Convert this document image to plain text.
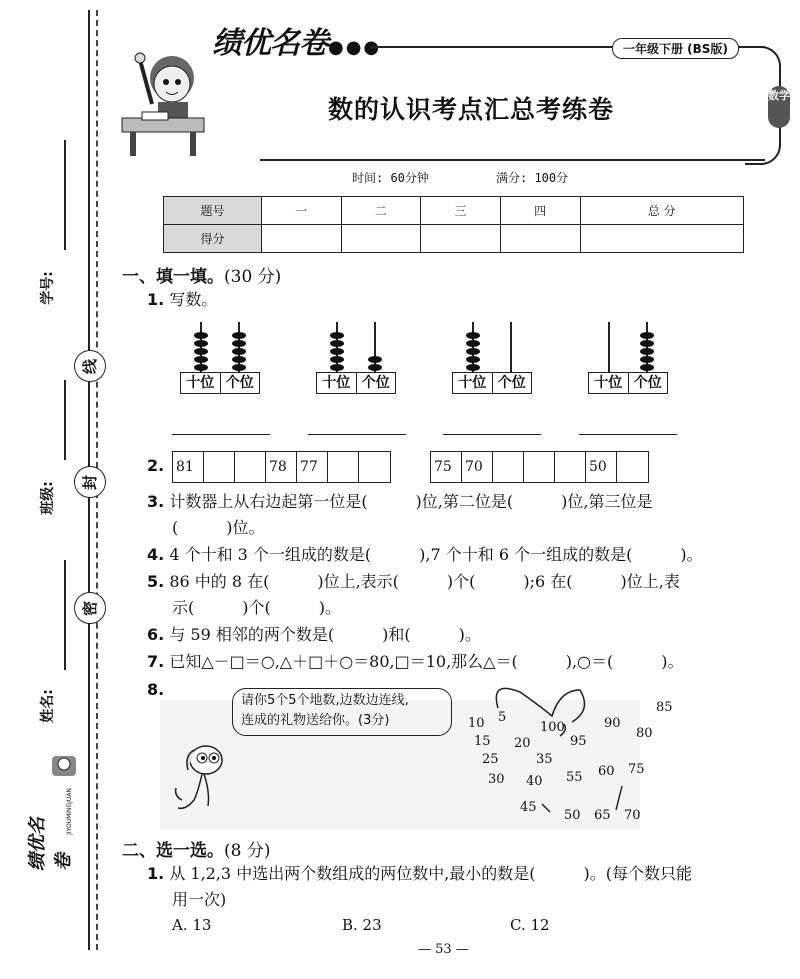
线
封
密
学号:
班级:
姓名:
绩优名卷
JIYOUMINGJUAN
绩优名卷●●●	一年级下册 (BS版)
数学
数的认识考点汇总考练卷
时间: 60分钟	满分: 100分
题号	一	二	三	四	总 分
得分					
一、填一填。(30 分)
1. 写数。
十位 个位	十位 个位	十位 个位	十位 个位
2. 81	78 77	75 70	50
3. 计数器上从右边起第一位是(　　　)位,第二位是(　　　)位,第三位是
(　　　)位。
4. 4 个十和 3 个一组成的数是(　　　),7 个十和 6 个一组成的数是(　　　)。
5. 86 中的 8 在(　　　)位上,表示(　　　)个(　　　);6 在(　　　)位上,表
示(　　　)个(　　　)。
6. 与 59 相邻的两个数是(　　　)和(　　　)。
7. 已知△－□＝○,△＋□＋○＝80,□＝10,那么△＝(　　　),○＝(　　　)。
8.
请你5个5个地数,边数边连线,
连成的礼物送给你。(3分)	5
10
15 20
25
30
35
40
45
50
55 60
65 70
75
80
85
90
95
100
二、选一选。(8 分)
1. 从 1,2,3 中选出两个数组成的两位数中,最小的数是(　　　)。(每个数只能
用一次)
A. 13	B. 23	C. 12
— 53 —
